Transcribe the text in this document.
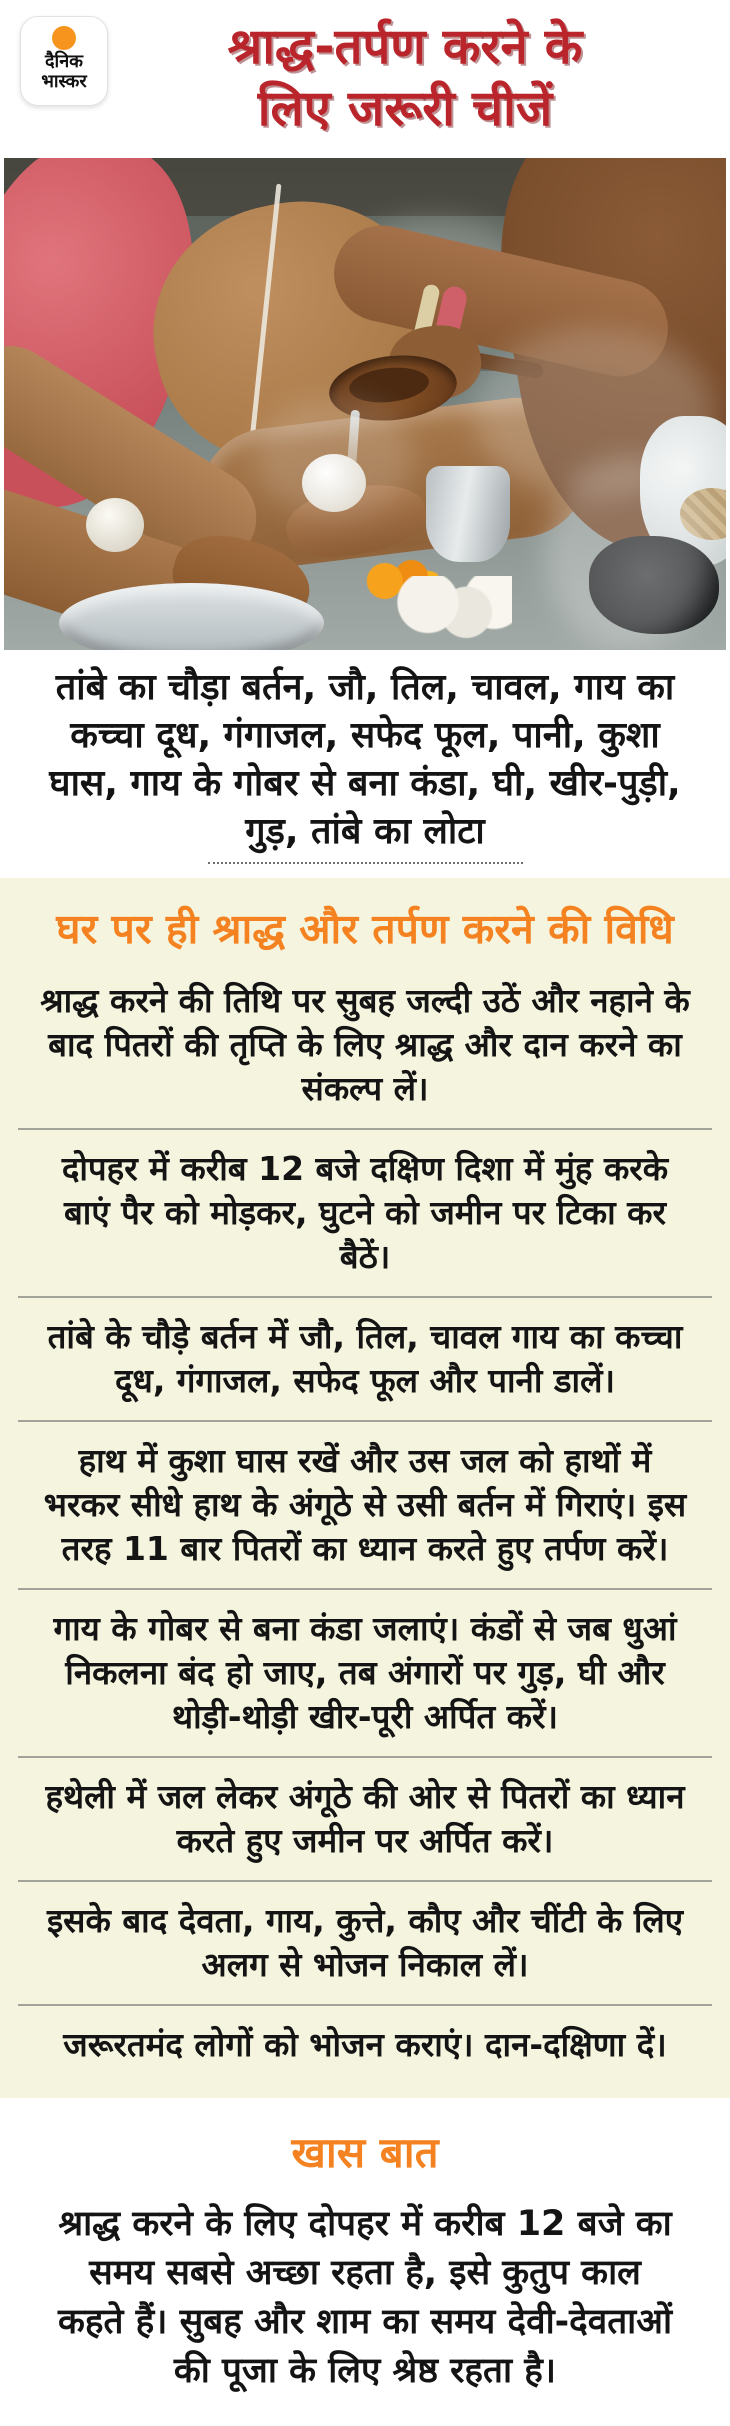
दैनिक
भास्कर
श्राद्ध-तर्पण करने के
लिए जरूरी चीजें

तांबे का चौड़ा बर्तन, जौ, तिल, चावल, गाय का कच्चा दूध, गंगाजल, सफेद फूल, पानी, कुशा घास, गाय के गोबर से बना कंडा, घी, खीर-पुड़ी, गुड़, तांबे का लोटा

घर पर ही श्राद्ध और तर्पण करने की विधि

श्राद्ध करने की तिथि पर सुबह जल्दी उठें और नहाने के बाद पितरों की तृप्ति के लिए श्राद्ध और दान करने का संकल्प लें।

दोपहर में करीब 12 बजे दक्षिण दिशा में मुंह करके बाएं पैर को मोड़कर, घुटने को जमीन पर टिका कर बैठें।

तांबे के चौड़े बर्तन में जौ, तिल, चावल गाय का कच्चा दूध, गंगाजल, सफेद फूल और पानी डालें।

हाथ में कुशा घास रखें और उस जल को हाथों में भरकर सीधे हाथ के अंगूठे से उसी बर्तन में गिराएं। इस तरह 11 बार पितरों का ध्यान करते हुए तर्पण करें।

गाय के गोबर से बना कंडा जलाएं। कंडों से जब धुआं निकलना बंद हो जाए, तब अंगारों पर गुड़, घी और थोड़ी-थोड़ी खीर-पूरी अर्पित करें।

हथेली में जल लेकर अंगूठे की ओर से पितरों का ध्यान करते हुए जमीन पर अर्पित करें।

इसके बाद देवता, गाय, कुत्ते, कौए और चींटी के लिए अलग से भोजन निकाल लें।

जरूरतमंद लोगों को भोजन कराएं। दान-दक्षिणा दें।

खास बात

श्राद्ध करने के लिए दोपहर में करीब 12 बजे का समय सबसे अच्छा रहता है, इसे कुतुप काल कहते हैं। सुबह और शाम का समय देवी-देवताओं की पूजा के लिए श्रेष्ठ रहता है।
